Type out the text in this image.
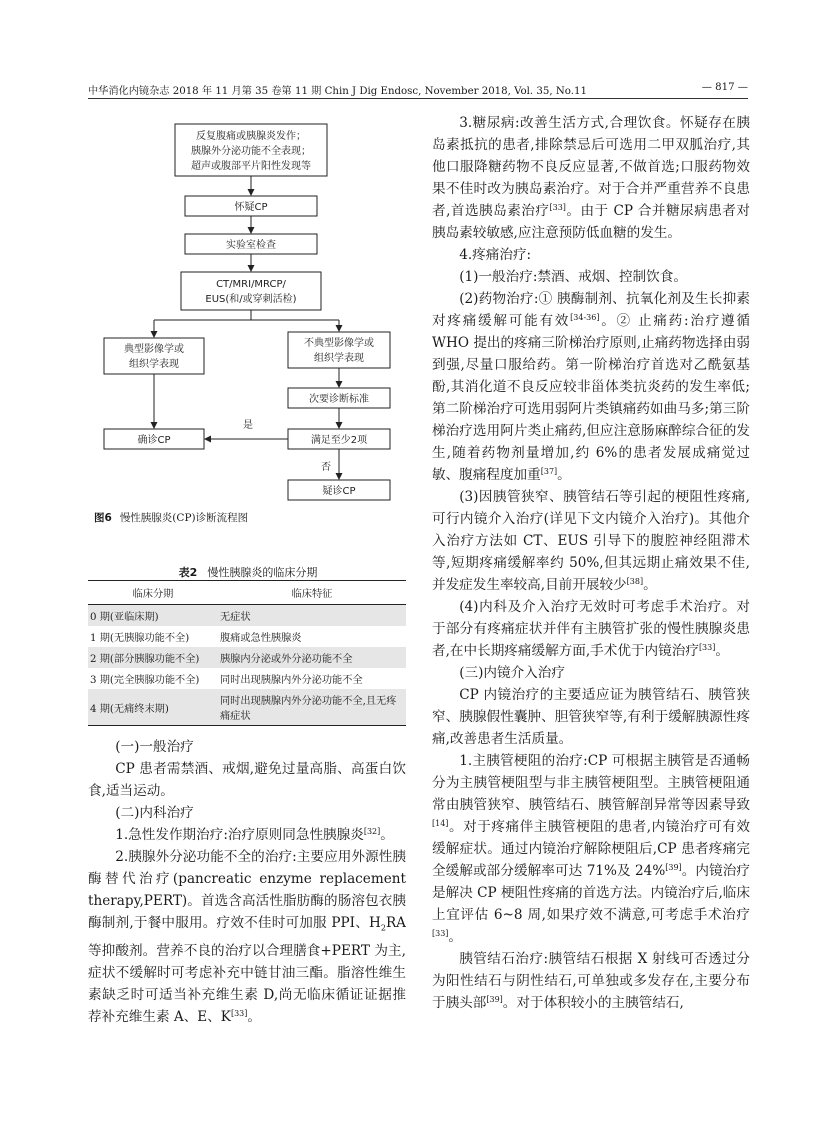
中华消化内镜杂志 2018 年 11 月第 35 卷第 11 期 Chin J Dig Endosc, November 2018, Vol. 35, No.11	— 817 —
反复腹痛或胰腺炎发作；
胰腺外分泌功能不全表现；
超声或腹部平片阳性发现等
怀疑CP
实验室检查
CT/MRI/MRCP/
EUS(和/或穿刺活检)
典型影像学或
组织学表现
不典型影像学或
组织学表现
次要诊断标准
确诊CP	满足至少2项
疑诊CP
是
否
图6 慢性胰腺炎(CP)诊断流程图
表2 慢性胰腺炎的临床分期
临床分期	临床特征
0 期(亚临床期)	无症状
1 期(无胰腺功能不全)	腹痛或急性胰腺炎
2 期(部分胰腺功能不全)	胰腺内分泌或外分泌功能不全
3 期(完全胰腺功能不全)	同时出现胰腺内外分泌功能不全
4 期(无痛终末期)	同时出现胰腺内外分泌功能不全,且无疼痛症状

(一)一般治疗

CP 患者需禁酒、戒烟,避免过量高脂、高蛋白饮食,适当运动。

(二)内科治疗

1.急性发作期治疗:治疗原则同急性胰腺炎[32]。

2.胰腺外分泌功能不全的治疗:主要应用外源性胰酶替代治疗(pancreatic enzyme replacement therapy,PERT)。首选含高活性脂肪酶的肠溶包衣胰酶制剂,于餐中服用。疗效不佳时可加服 PPI、$H_2RA$ 等抑酸剂。营养不良的治疗以合理膳食+PERT 为主,症状不缓解时可考虑补充中链甘油三酯。脂溶性维生素缺乏时可适当补充维生素 D,尚无临床循证证据推荐补充维生素 A、E、K[33]。

3.糖尿病:改善生活方式,合理饮食。怀疑存在胰岛素抵抗的患者,排除禁忌后可选用二甲双胍治疗,其他口服降糖药物不良反应显著,不做首选;口服药物效果不佳时改为胰岛素治疗。对于合并严重营养不良患者,首选胰岛素治疗[33]。由于 CP 合并糖尿病患者对胰岛素较敏感,应注意预防低血糖的发生。

4.疼痛治疗:

(1)一般治疗:禁酒、戒烟、控制饮食。

(2)药物治疗:① 胰酶制剂、抗氧化剂及生长抑素对疼痛缓解可能有效[34-36]。② 止痛药:治疗遵循 WHO 提出的疼痛三阶梯治疗原则,止痛药物选择由弱到强,尽量口服给药。第一阶梯治疗首选对乙酰氨基酚,其消化道不良反应较非甾体类抗炎药的发生率低;第二阶梯治疗可选用弱阿片类镇痛药如曲马多;第三阶梯治疗选用阿片类止痛药,但应注意肠麻醉综合征的发生,随着药物剂量增加,约 6%的患者发展成痛觉过敏、腹痛程度加重[37]。

(3)因胰管狭窄、胰管结石等引起的梗阻性疼痛,可行内镜介入治疗(详见下文内镜介入治疗)。其他介入治疗方法如 CT、EUS 引导下的腹腔神经阻滞术等,短期疼痛缓解率约 50%,但其远期止痛效果不佳,并发症发生率较高,目前开展较少[38]。

(4)内科及介入治疗无效时可考虑手术治疗。对于部分有疼痛症状并伴有主胰管扩张的慢性胰腺炎患者,在中长期疼痛缓解方面,手术优于内镜治疗[33]。

(三)内镜介入治疗

CP 内镜治疗的主要适应证为胰管结石、胰管狭窄、胰腺假性囊肿、胆管狭窄等,有利于缓解胰源性疼痛,改善患者生活质量。

1.主胰管梗阻的治疗:CP 可根据主胰管是否通畅分为主胰管梗阻型与非主胰管梗阻型。主胰管梗阻通常由胰管狭窄、胰管结石、胰管解剖异常等因素导致[14]。对于疼痛伴主胰管梗阻的患者,内镜治疗可有效缓解症状。通过内镜治疗解除梗阻后,CP 患者疼痛完全缓解或部分缓解率可达 71%及 24%[39]。内镜治疗是解决 CP 梗阻性疼痛的首选方法。内镜治疗后,临床上宜评估 6~8 周,如果疗效不满意,可考虑手术治疗[33]。

胰管结石治疗:胰管结石根据 X 射线可否透过分为阳性结石与阴性结石,可单独或多发存在,主要分布于胰头部[39]。对于体积较小的主胰管结石,
